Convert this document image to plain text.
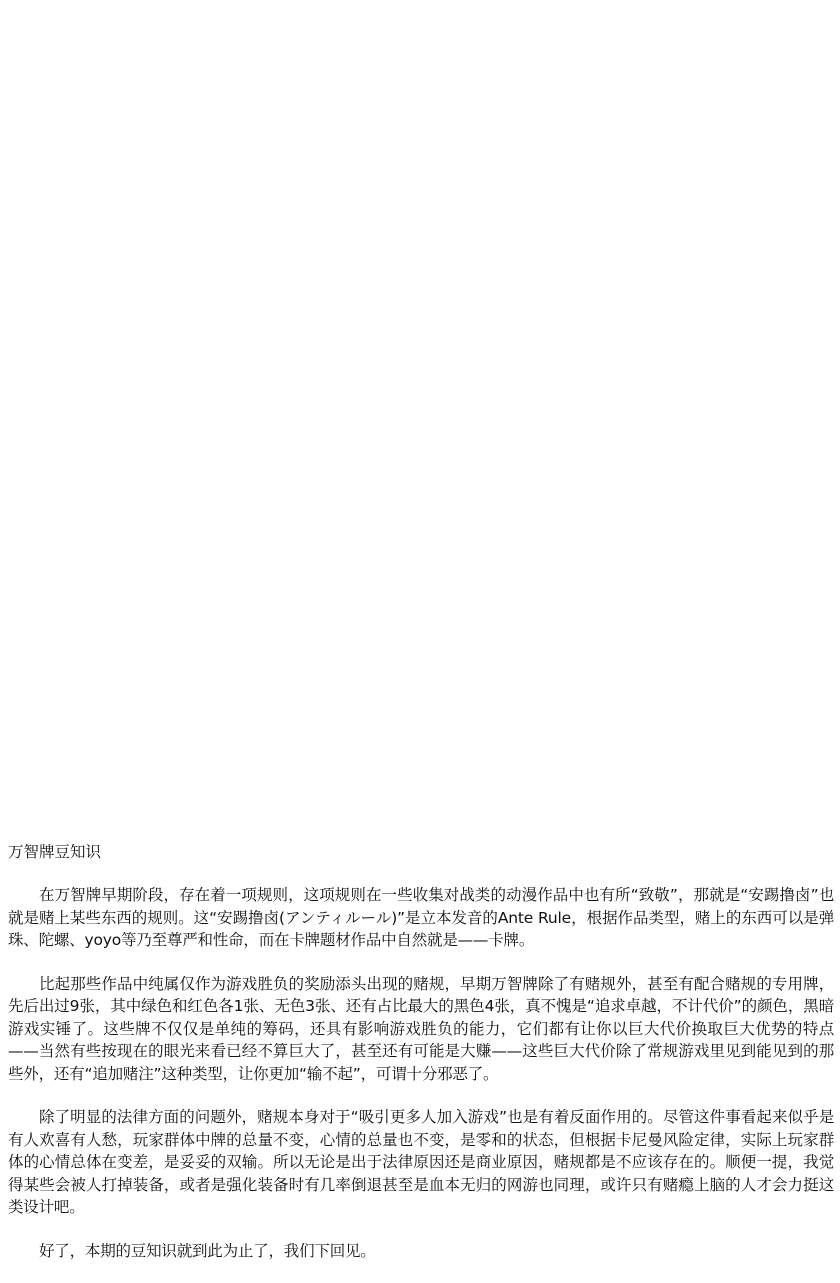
万智牌豆知识

在万智牌早期阶段，存在着一项规则，这项规则在一些收集对战类的动漫作品中也有所“致敬”，那就是“安踢撸卤”也就是赌上某些东西的规则。这“安踢撸卤(アンティルール)”是立本发音的Ante Rule，根据作品类型，赌上的东西可以是弹珠、陀螺、yoyo等乃至尊严和性命，而在卡牌题材作品中自然就是——卡牌。

比起那些作品中纯属仅作为游戏胜负的奖励添头出现的赌规，早期万智牌除了有赌规外，甚至有配合赌规的专用牌，先后出过9张，其中绿色和红色各1张、无色3张、还有占比最大的黑色4张，真不愧是“追求卓越，不计代价”的颜色，黑暗游戏实锤了。这些牌不仅仅是单纯的筹码，还具有影响游戏胜负的能力，它们都有让你以巨大代价换取巨大优势的特点——当然有些按现在的眼光来看已经不算巨大了，甚至还有可能是大赚——这些巨大代价除了常规游戏里见到能见到的那些外，还有“追加赌注”这种类型，让你更加“输不起”，可谓十分邪恶了。

除了明显的法律方面的问题外，赌规本身对于“吸引更多人加入游戏”也是有着反面作用的。尽管这件事看起来似乎是有人欢喜有人愁，玩家群体中牌的总量不变，心情的总量也不变，是零和的状态，但根据卡尼曼风险定律，实际上玩家群体的心情总体在变差，是妥妥的双输。所以无论是出于法律原因还是商业原因，赌规都是不应该存在的。顺便一提，我觉得某些会被人打掉装备，或者是强化装备时有几率倒退甚至是血本无归的网游也同理，或许只有赌瘾上脑的人才会力挺这类设计吧。

好了，本期的豆知识就到此为止了，我们下回见。
